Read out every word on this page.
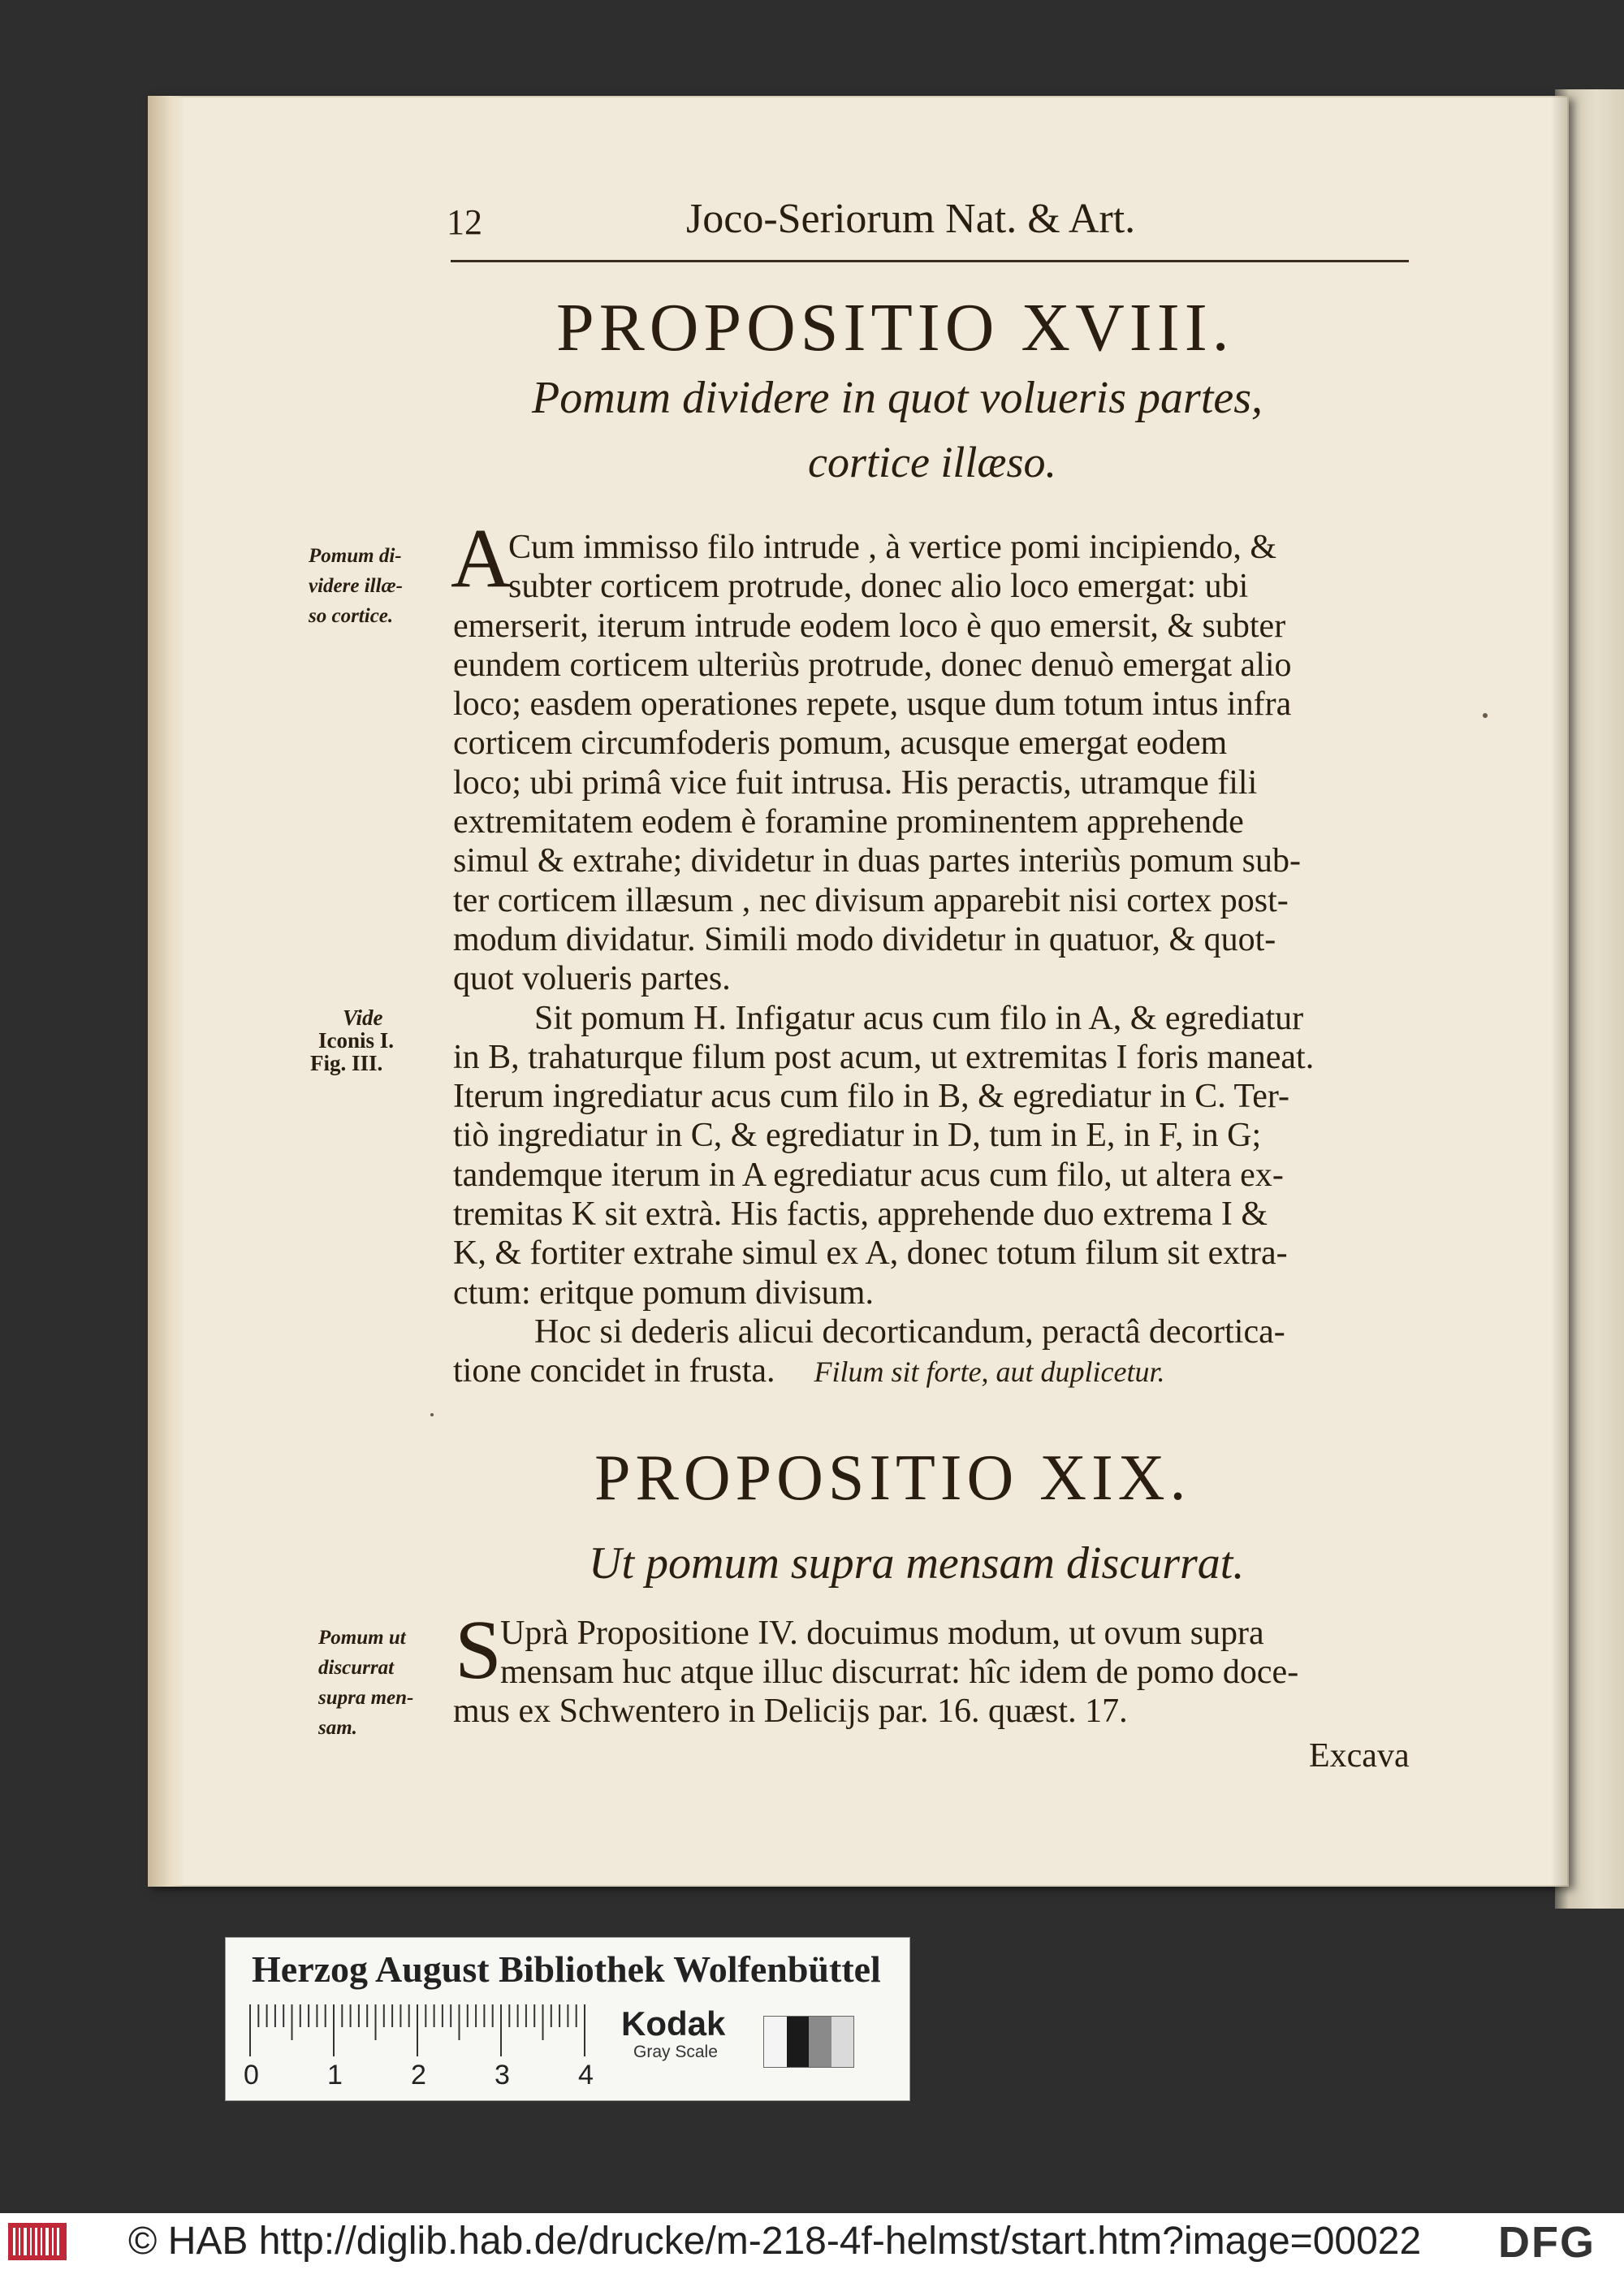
12	Joco-Seriorum Nat. & Art.
PROPOSITIO XVIII.
Pomum dividere in quot volueris partes,
cortice illæso.
Pomum di-
videre illæ-
so cortice.
A
Cum immisso filo intrude , à vertice pomi incipiendo, &
subter corticem protrude, donec alio loco emergat: ubi
emerserit, iterum intrude eodem loco è quo emersit, & subter
eundem corticem ulteriùs protrude, donec denuò emergat alio
loco; easdem operationes repete, usque dum totum intus infra
corticem circumfoderis pomum, acusque emergat eodem
loco; ubi primâ vice fuit intrusa. His peractis, utramque fili
extremitatem eodem è foramine prominentem apprehende
simul & extrahe; dividetur in duas partes interiùs pomum sub-
ter corticem illæsum , nec divisum apparebit nisi cortex post-
modum dividatur. Simili modo dividetur in quatuor, & quot-
quot volueris partes.
Sit pomum H. Infigatur acus cum filo in A, & egrediatur
in B, trahaturque filum post acum, ut extremitas I foris maneat.
Iterum ingrediatur acus cum filo in B, & egrediatur in C. Ter-
tiò ingrediatur in C, & egrediatur in D, tum in E, in F, in G;
tandemque iterum in A egrediatur acus cum filo, ut altera ex-
tremitas K sit extrà. His factis, apprehende duo extrema I &
K, & fortiter extrahe simul ex A, donec totum filum sit extra-
ctum: eritque pomum divisum.
Hoc si dederis alicui decorticandum, peractâ decortica-
tione concidet in frusta. Filum sit forte, aut duplicetur.
Vide
Iconis I.
Fig. III.
PROPOSITIO XIX.
Ut pomum supra mensam discurrat.
Pomum ut
discurrat
supra men-
sam.
S
Uprà Propositione IV. docuimus modum, ut ovum supra
mensam huc atque illuc discurrat: hîc idem de pomo doce-
mus ex Schwentero in Delicijs par. 16. quæst. 17.
Excava
Herzog August Bibliothek Wolfenbüttel
0 1 2 3 4
Kodak
Gray Scale
© HAB http://diglib.hab.de/drucke/m-218-4f-helmst/start.htm?image=00022 DFG
